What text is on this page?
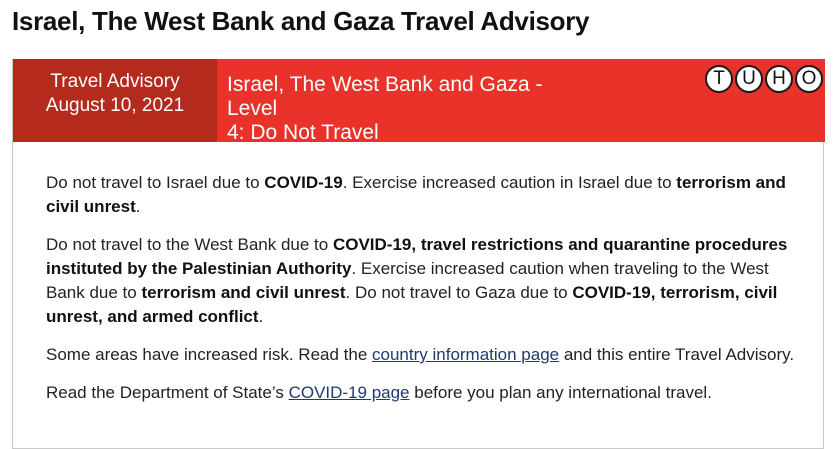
Israel, The West Bank and Gaza Travel Advisory
Travel Advisory
August 10, 2021
Israel, The West Bank and Gaza - Level
4: Do Not Travel
T U H O

Do not travel to Israel due to COVID-19. Exercise increased caution in Israel due to terrorism and civil unrest.

Do not travel to the West Bank due to COVID-19, travel restrictions and quarantine procedures instituted by the Palestinian Authority. Exercise increased caution when traveling to the West Bank due to terrorism and civil unrest. Do not travel to Gaza due to COVID-19, terrorism, civil unrest, and armed conflict.

Some areas have increased risk. Read the country information page and this entire Travel Advisory.

Read the Department of State’s COVID-19 page before you plan any international travel.
